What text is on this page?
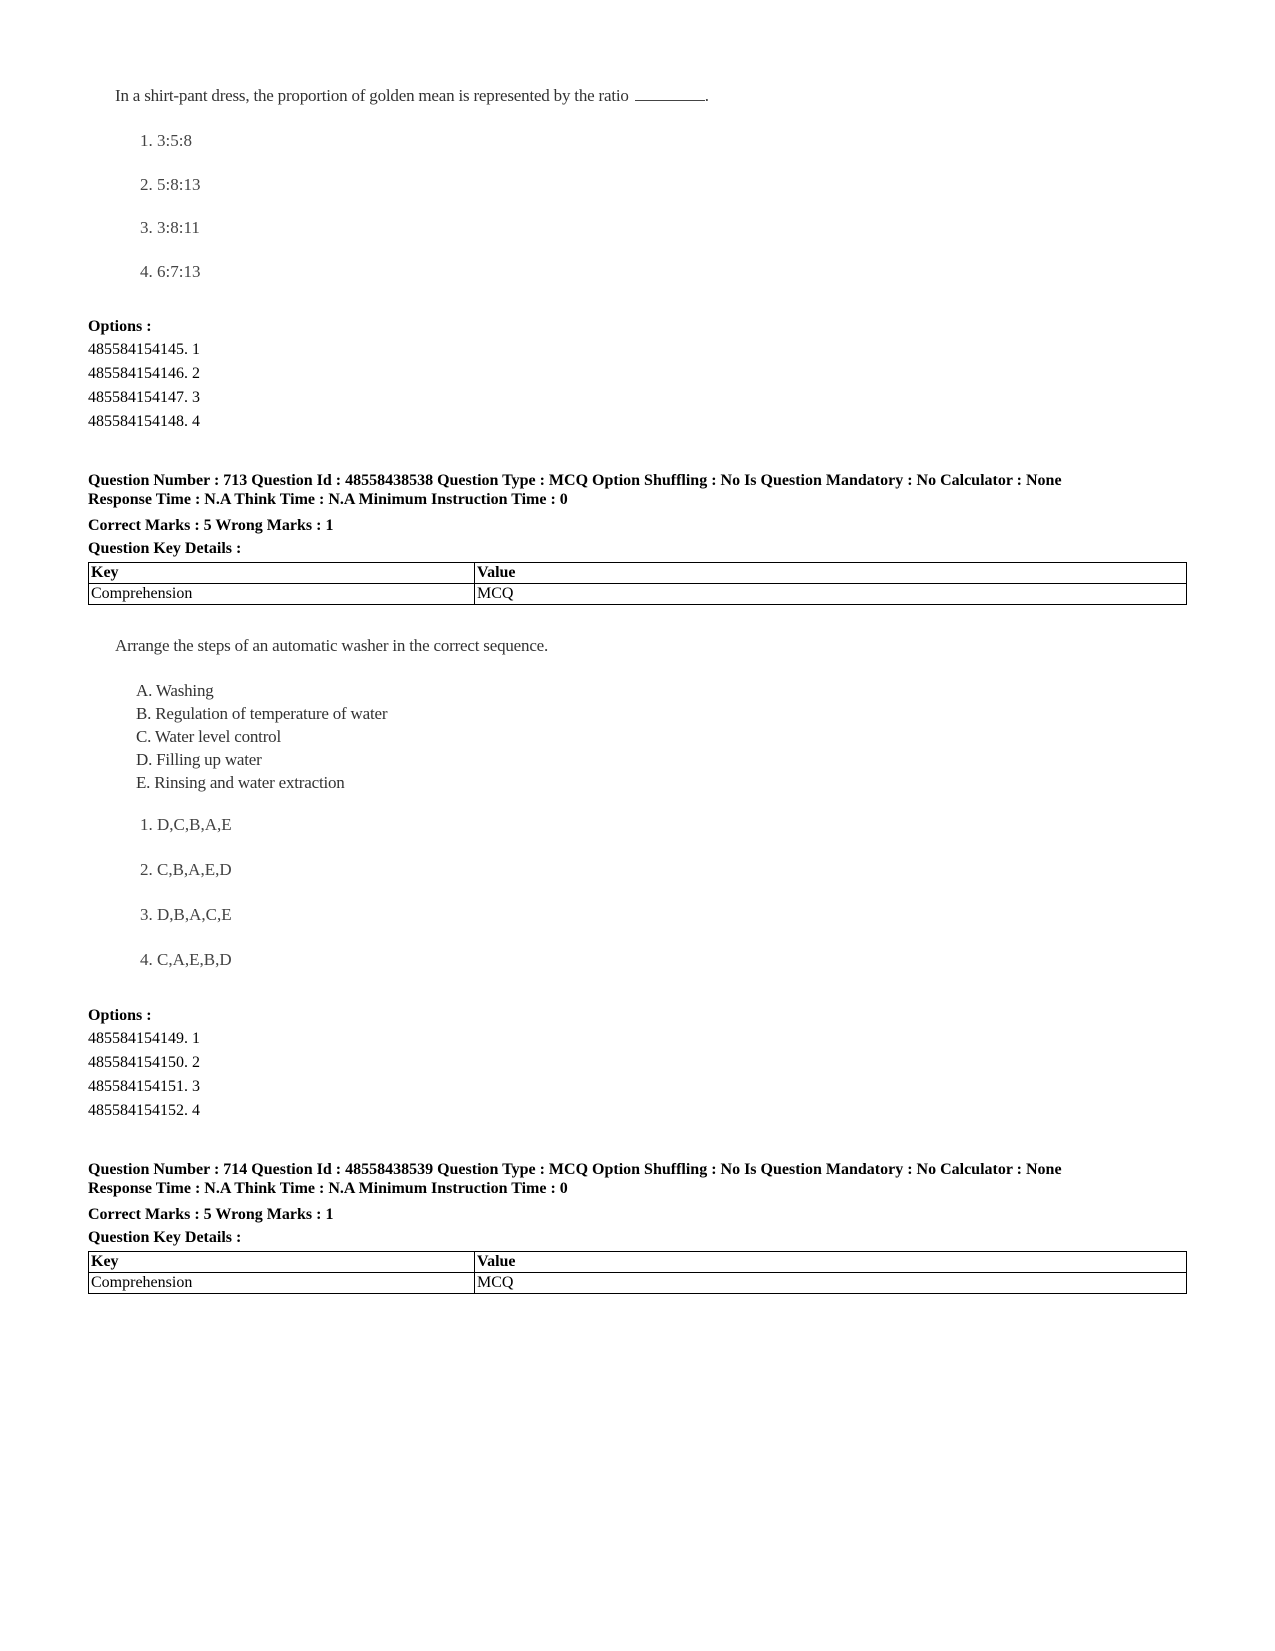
In a shirt-pant dress, the proportion of golden mean is represented by the ratio	.
1. 3:5:8
2. 5:8:13
3. 3:8:11
4. 6:7:13
Options :
485584154145. 1
485584154146. 2
485584154147. 3
485584154148. 4
Question Number : 713 Question Id : 48558438538 Question Type : MCQ Option Shuffling : No Is Question Mandatory : No Calculator : None
Response Time : N.A Think Time : N.A Minimum Instruction Time : 0
Correct Marks : 5 Wrong Marks : 1
Question Key Details :
Key	Value
Comprehension	MCQ
Arrange the steps of an automatic washer in the correct sequence.
A. Washing
B. Regulation of temperature of water
C. Water level control
D. Filling up water
E. Rinsing and water extraction
1. D,C,B,A,E
2. C,B,A,E,D
3. D,B,A,C,E
4. C,A,E,B,D
Options :
485584154149. 1
485584154150. 2
485584154151. 3
485584154152. 4
Question Number : 714 Question Id : 48558438539 Question Type : MCQ Option Shuffling : No Is Question Mandatory : No Calculator : None
Response Time : N.A Think Time : N.A Minimum Instruction Time : 0
Correct Marks : 5 Wrong Marks : 1
Question Key Details :
Key	Value
Comprehension	MCQ
